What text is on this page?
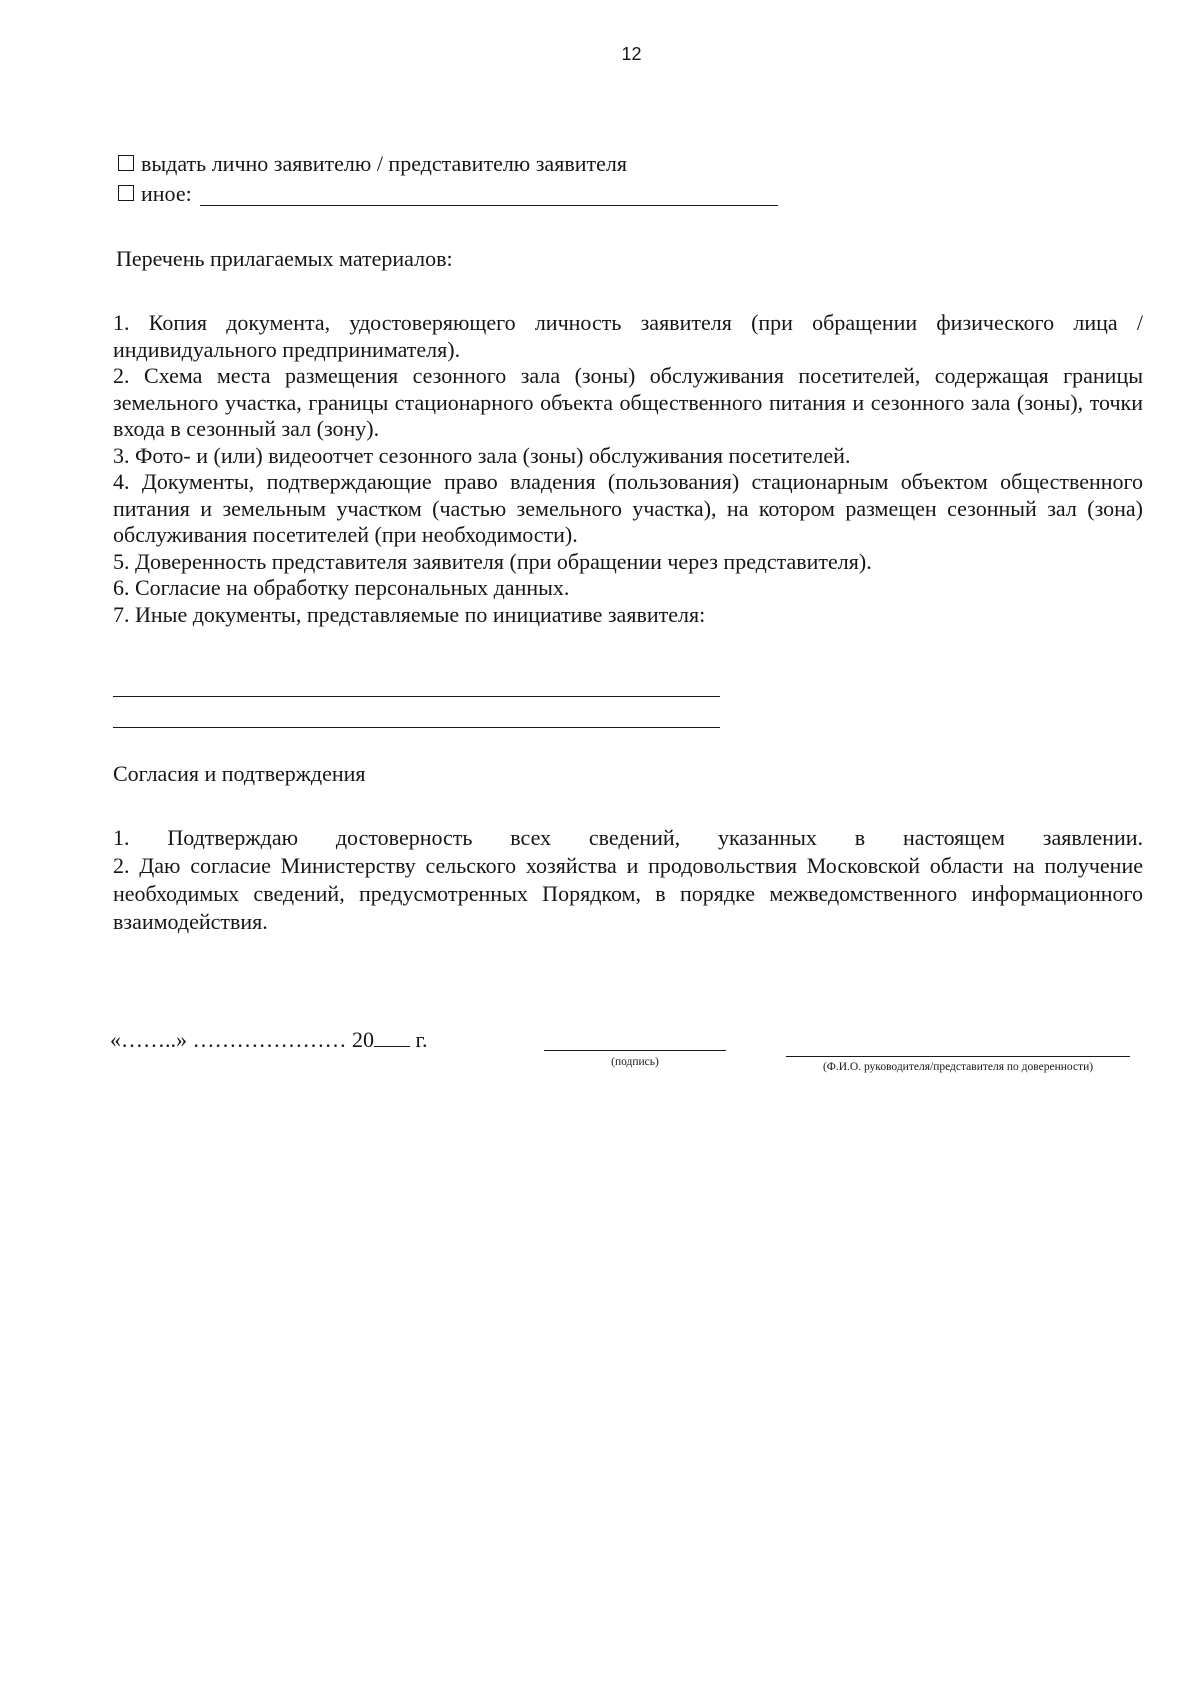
12
выдать лично заявителю / представителю заявителя
иное:
Перечень прилагаемых материалов:

1. Копия документа, удостоверяющего личность заявителя (при обращении физического лица / индивидуального предпринимателя).

2. Схема места размещения сезонного зала (зоны) обслуживания посетителей, содержащая границы земельного участка, границы стационарного объекта общественного питания и сезонного зала (зоны), точки входа в сезонный зал (зону).

3. Фото- и (или) видеоотчет сезонного зала (зоны) обслуживания посетителей.

4. Документы, подтверждающие право владения (пользования) стационарным объектом общественного питания и земельным участком (частью земельного участка), на котором размещен сезонный зал (зона) обслуживания посетителей (при необходимости).

5. Доверенность представителя заявителя (при обращении через представителя).

6. Согласие на обработку персональных данных.

7. Иные документы, представляемые по инициативе заявителя:

Согласия и подтверждения

1. Подтверждаю достоверность всех сведений, указанных в настоящем заявлении.

2. Даю согласие Министерству сельского хозяйства и продовольствия Московской области на получение необходимых сведений, предусмотренных Порядком, в порядке межведомственного информационного взаимодействия.

«……..» ………………… 20 г.
(подпись)	(Ф.И.О. руководителя/представителя по доверенности)
